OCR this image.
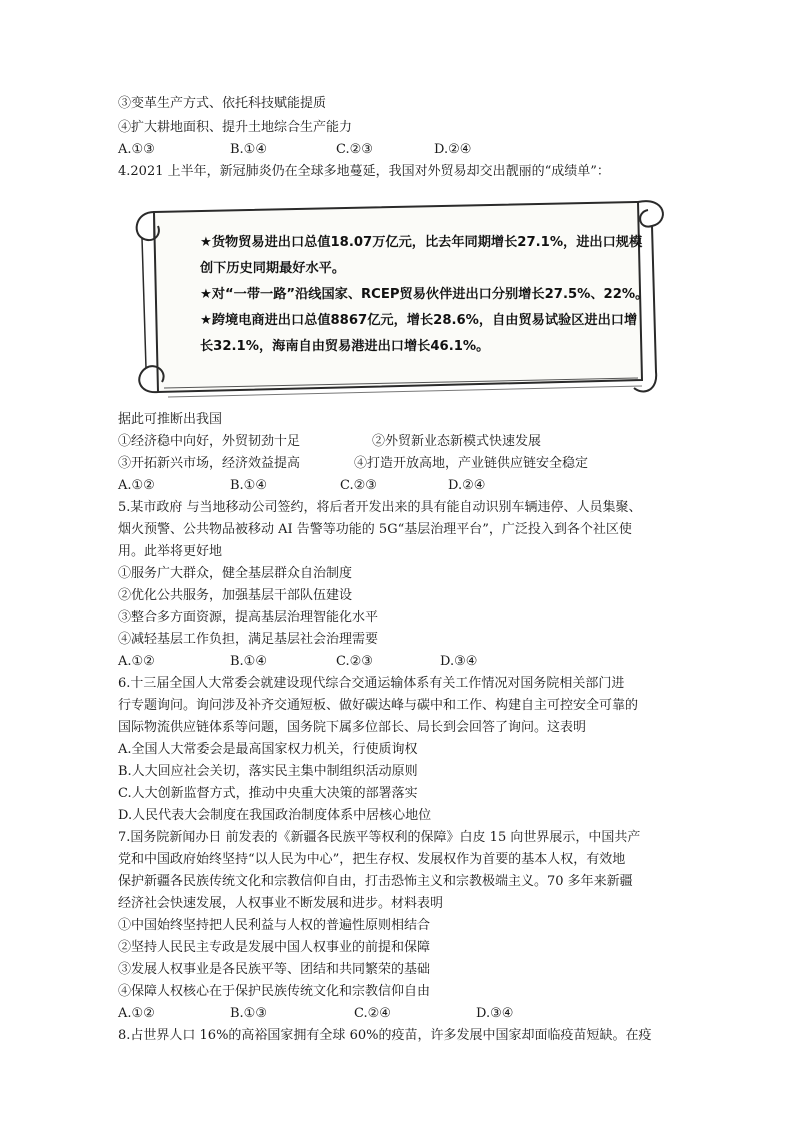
③变革生产方式、依托科技赋能提质
④扩大耕地面积、提升土地综合生产能力
A.①③	B.①④	C.②③	D.②④
4.2021 上半年，新冠肺炎仍在全球多地蔓延，我国对外贸易却交出靓丽的“成绩单”：

★货物贸易进出口总值18.07万亿元，比去年同期增长27.1%，进出口规模

创下历史同期最好水平。

★对“一带一路”沿线国家、RCEP贸易伙伴进出口分别增长27.5%、22%。

★跨境电商进出口总值8867亿元，增长28.6%，自由贸易试验区进出口增

长32.1%，海南自由贸易港进出口增长46.1%。

据此可推断出我国
①经济稳中向好，外贸韧劲十足	②外贸新业态新模式快速发展
③开拓新兴市场，经济效益提高	④打造开放高地，产业链供应链安全稳定
A.①②	B.①④	C.②③	D.②④
5.某市政府 与当地移动公司签约，将后者开发出来的具有能自动识别车辆违停、人员集聚、
烟火预警、公共物品被移动 AI 告警等功能的 5G“基层治理平台”，广泛投入到各个社区使
用。此举将更好地
①服务广大群众，健全基层群众自治制度
②优化公共服务，加强基层干部队伍建设
③整合多方面资源，提高基层治理智能化水平
④减轻基层工作负担，满足基层社会治理需要
A.①②	B.①④	C.②③	D.③④
6.十三届全国人大常委会就建设现代综合交通运输体系有关工作情况对国务院相关部门进
行专题询问。询问涉及补齐交通短板、做好碳达峰与碳中和工作、构建自主可控安全可靠的
国际物流供应链体系等问题，国务院下属多位部长、局长到会回答了询问。这表明
A.全国人大常委会是最高国家权力机关，行使质询权
B.人大回应社会关切，落实民主集中制组织活动原则
C.人大创新监督方式，推动中央重大决策的部署落实
D.人民代表大会制度在我国政治制度体系中居核心地位
7.国务院新闻办日 前发表的《新疆各民族平等权利的保障》白皮 15 向世界展示，中国共产
党和中国政府始终坚持“以人民为中心”，把生存权、发展权作为首要的基本人权，有效地
保护新疆各民族传统文化和宗教信仰自由，打击恐怖主义和宗教极端主义。70 多年来新疆
经济社会快速发展，人权事业不断发展和进步。材料表明
①中国始终坚持把人民利益与人权的普遍性原则相结合
②坚持人民民主专政是发展中国人权事业的前提和保障
③发展人权事业是各民族平等、团结和共同繁荣的基础
④保障人权核心在于保护民族传统文化和宗教信仰自由
A.①②	B.①③	C.②④	D.③④
8.占世界人口 16%的高裕国家拥有全球 60%的疫苗，许多发展中国家却面临疫苗短缺。在疫
